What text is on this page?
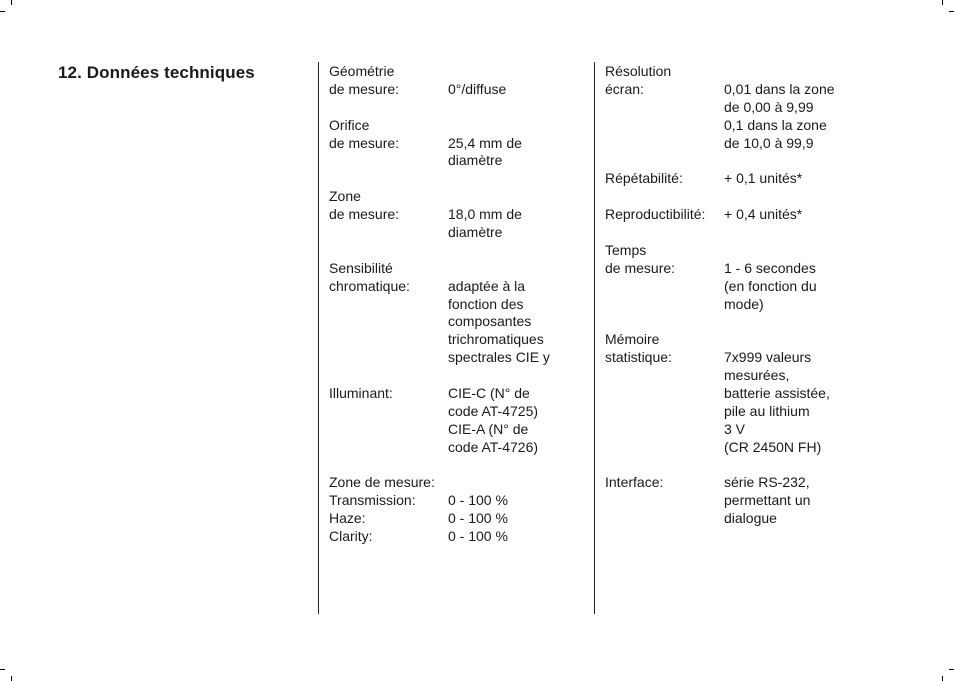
12. Données techniques	Géométrie
de mesure:	0°/diffuse
Orifice
de mesure:	25,4 mm de
diamètre
Zone
de mesure:	18,0 mm de
diamètre
Sensibilité
chromatique:	adaptée à la
fonction des
composantes
trichromatiques
spectrales CIE y
Illuminant:	CIE-C (N° de
code AT-4725)
CIE-A (N° de
code AT-4726)
Zone de mesure:
Transmission:	0 - 100 %
Haze:	0 - 100 %
Clarity:	0 - 100 %
Résolution
écran:	0,01 dans la zone
de 0,00 à 9,99
0,1 dans la zone
de 10,0 à 99,9
Répétabilité:	+ 0,1 unités*
Reproductibilité:	+ 0,4 unités*
Temps
de mesure:	1 - 6 secondes
(en fonction du
mode)
Mémoire
statistique:	7x999 valeurs
mesurées,
batterie assistée,
pile au lithium
3 V
(CR 2450N FH)
Interface:	série RS-232,
permettant un
dialogue
